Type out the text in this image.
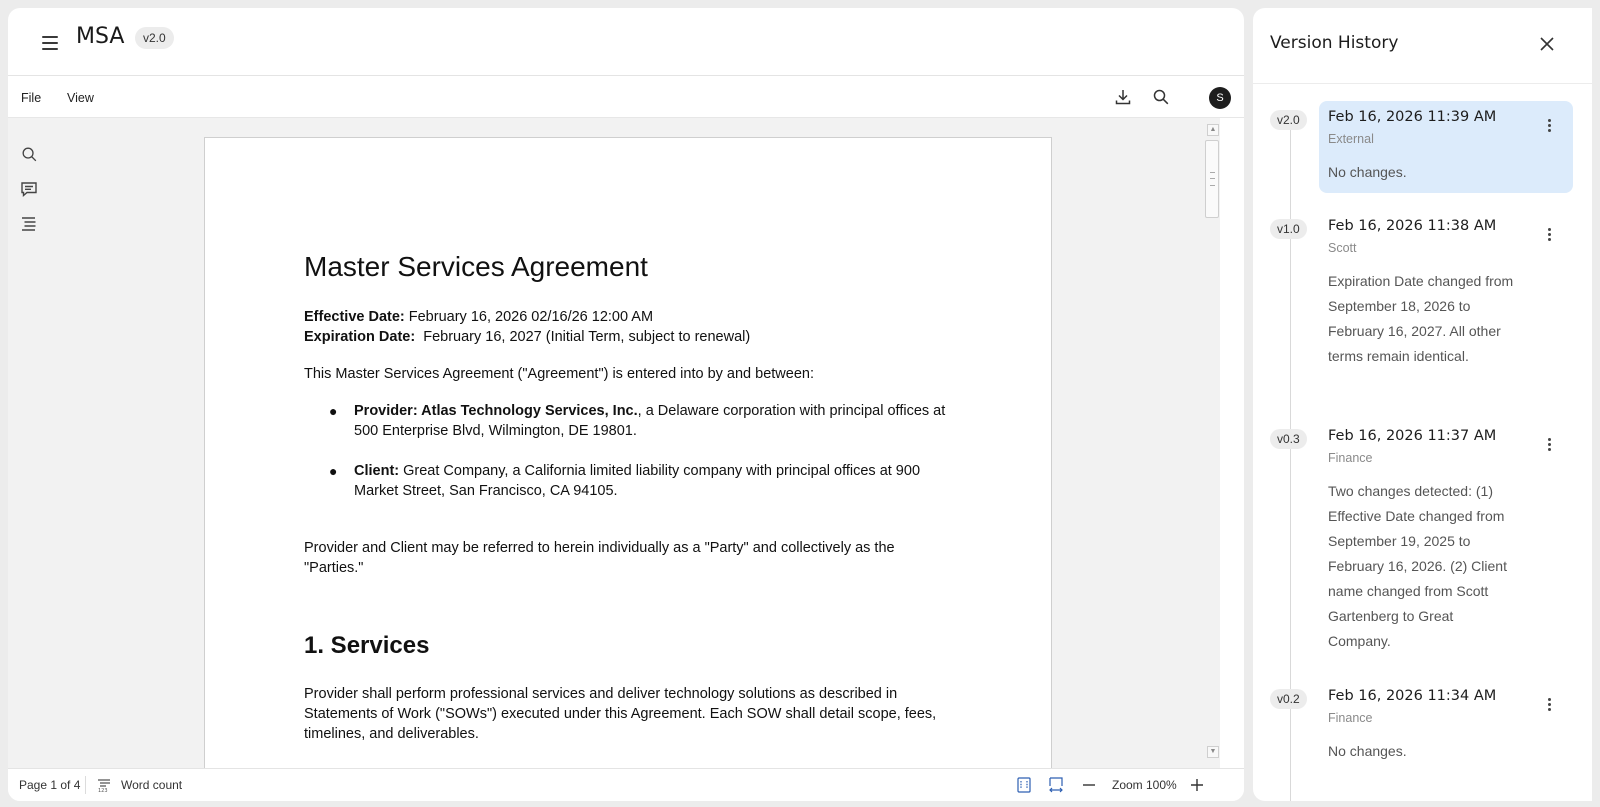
MSA	v2.0
File View	S
Master Services Agreement
Effective Date: February 16, 2026 02/16/26 12:00 AM
Expiration Date:  February 16, 2027 (Initial Term, subject to renewal)
This Master Services Agreement ("Agreement") is entered into by and between:
● Provider: Atlas Technology Services, Inc., a Delaware corporation with principal offices at 500 Enterprise Blvd, Wilmington, DE 19801.
● Client: Great Company, a California limited liability company with principal offices at 900 Market Street, San Francisco, CA 94105.
Provider and Client may be referred to herein individually as a "Party" and collectively as the "Parties."
1. Services
Provider shall perform professional services and deliver technology solutions as described in Statements of Work ("SOWs") executed under this Agreement. Each SOW shall detail scope, fees, timelines, and deliverables.
▲
▼
Page 1 of 4	123 Word count	Zoom 100%
Version History
v2.0	Feb 16, 2026 11:39 AM
External
No changes.
v1.0	Feb 16, 2026 11:38 AM
Scott
Expiration Date changed from September 18, 2026 to February 16, 2027. All other terms remain identical.
v0.3	Feb 16, 2026 11:37 AM
Finance
Two changes detected: (1) Effective Date changed from September 19, 2025 to February 16, 2026. (2) Client name changed from Scott Gartenberg to Great Company.
v0.2	Feb 16, 2026 11:34 AM
Finance
No changes.
